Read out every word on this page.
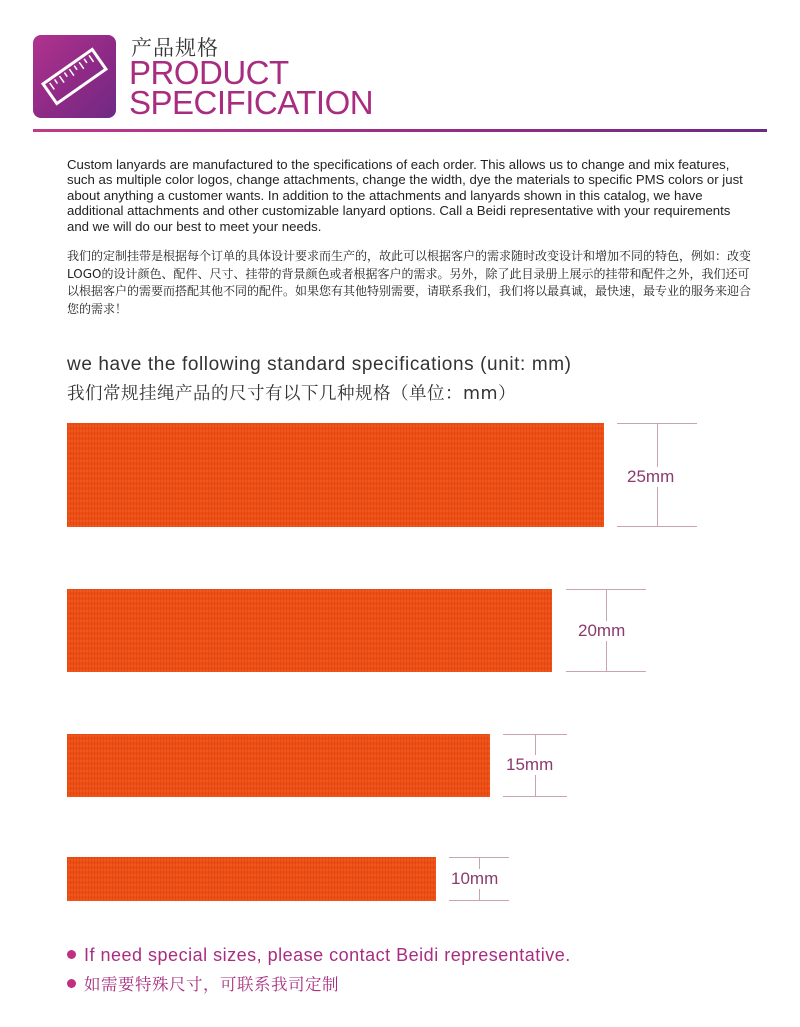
产品规格
PRODUCT
SPECIFICATION
Custom lanyards are manufactured to the specifications of each order. This allows us to change and mix features, such as multiple color logos, change attachments, change the width, dye the materials to specific PMS colors or just about anything a customer wants. In addition to the attachments and lanyards shown in this catalog, we have additional attachments and other customizable lanyard options. Call a Beidi representative with your requirements and we will do our best to meet your needs.
我们的定制挂带是根据每个订单的具体设计要求而生产的，故此可以根据客户的需求随时改变设计和增加不同的特色，例如：改变LOGO的设计颜色、配件、尺寸、挂带的背景颜色或者根据客户的需求。另外，除了此目录册上展示的挂带和配件之外，我们还可以根据客户的需要而搭配其他不同的配件。如果您有其他特别需要，请联系我们，我们将以最真诚，最快速，最专业的服务来迎合您的需求！
we have the following standard specifications (unit: mm)
我们常规挂绳产品的尺寸有以下几种规格（单位：mm）
25mm
20mm
15mm
10mm
If need special sizes, please contact Beidi representative.
如需要特殊尺寸，可联系我司定制
